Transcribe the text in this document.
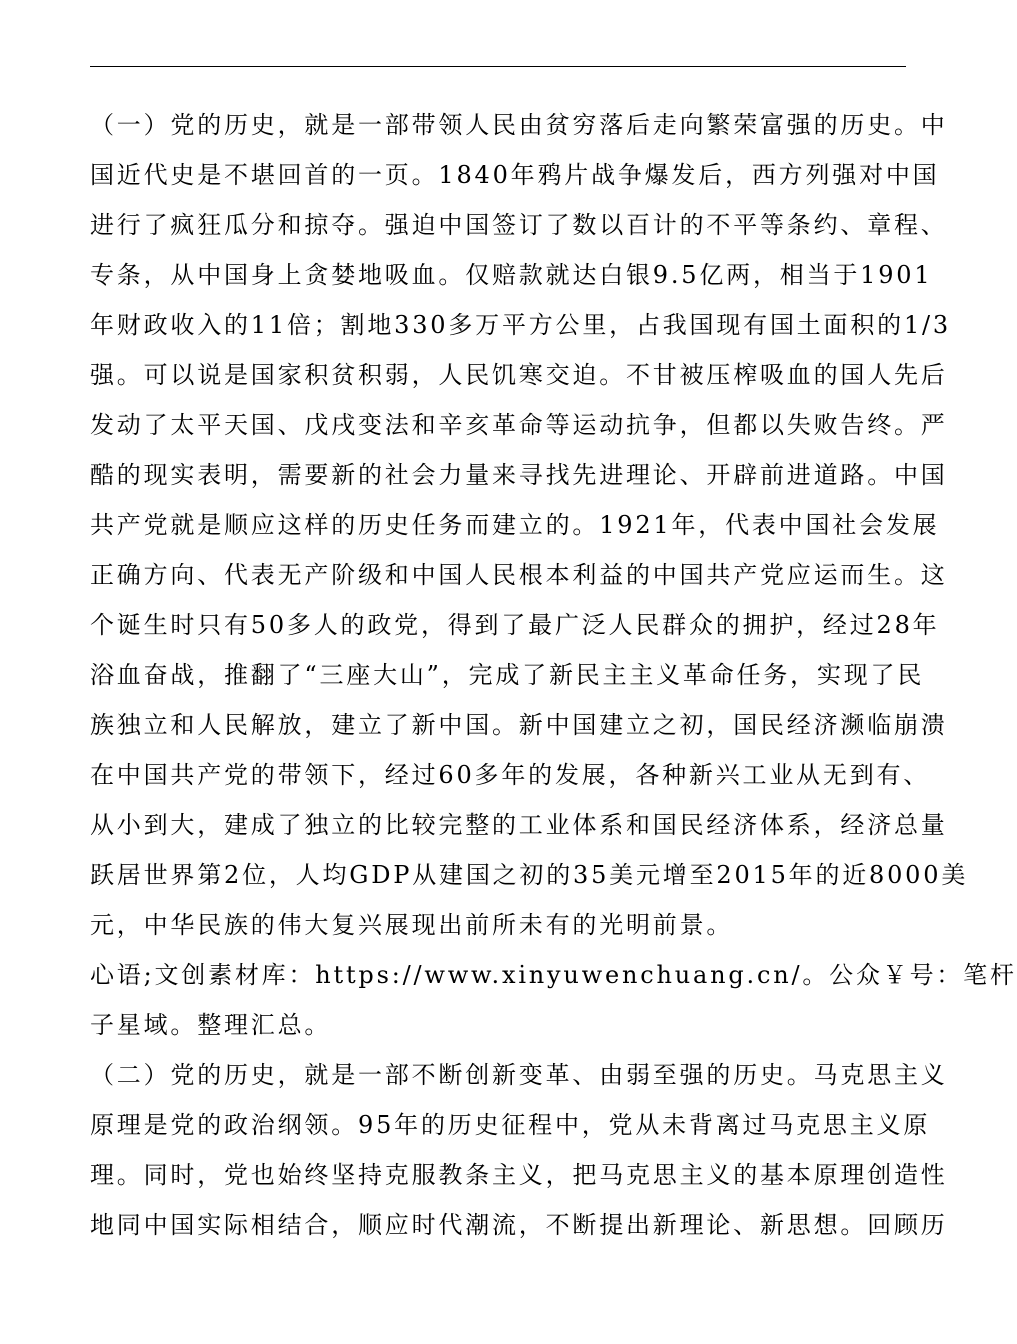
（一）党的历史，就是一部带领人民由贫穷落后走向繁荣富强的历史。中
国近代史是不堪回首的一页。1840年鸦片战争爆发后，西方列强对中国
进行了疯狂瓜分和掠夺。强迫中国签订了数以百计的不平等条约、章程、
专条，从中国身上贪婪地吸血。仅赔款就达白银9.5亿两，相当于1901
年财政收入的11倍；割地330多万平方公里，占我国现有国土面积的1/3
强。可以说是国家积贫积弱，人民饥寒交迫。不甘被压榨吸血的国人先后
发动了太平天国、戊戌变法和辛亥革命等运动抗争，但都以失败告终。严
酷的现实表明，需要新的社会力量来寻找先进理论、开辟前进道路。中国
共产党就是顺应这样的历史任务而建立的。1921年，代表中国社会发展
正确方向、代表无产阶级和中国人民根本利益的中国共产党应运而生。这
个诞生时只有50多人的政党，得到了最广泛人民群众的拥护，经过28年
浴血奋战，推翻了“三座大山”，完成了新民主主义革命任务，实现了民
族独立和人民解放，建立了新中国。新中国建立之初，国民经济濒临崩溃
在中国共产党的带领下，经过60多年的发展，各种新兴工业从无到有、
从小到大，建成了独立的比较完整的工业体系和国民经济体系，经济总量
跃居世界第2位，人均GDP从建国之初的35美元增至2015年的近8000美
元，中华民族的伟大复兴展现出前所未有的光明前景。

心语;文创素材库：https://www.xinyuwenchuang.cn/。公众￥号：笔杆
子星域。整理汇总。

（二）党的历史，就是一部不断创新变革、由弱至强的历史。马克思主义
原理是党的政治纲领。95年的历史征程中，党从未背离过马克思主义原
理。同时，党也始终坚持克服教条主义，把马克思主义的基本原理创造性
地同中国实际相结合，顺应时代潮流，不断提出新理论、新思想。回顾历
